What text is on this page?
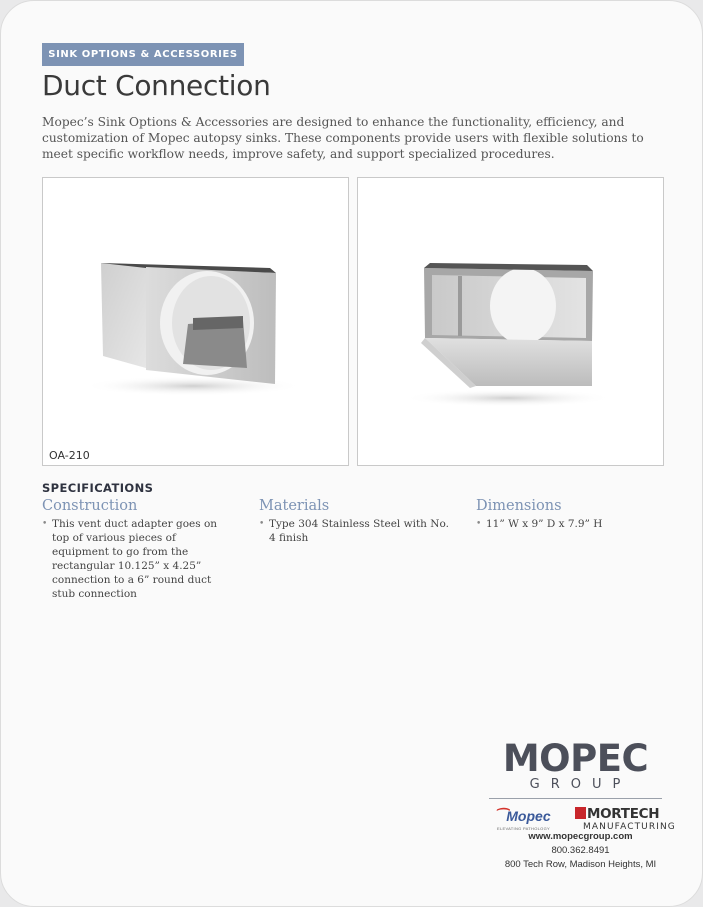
SINK OPTIONS & ACCESSORIES
Duct Connection
Mopec’s Sink Options & Accessories are designed to enhance the functionality, efficiency, and customization of Mopec autopsy sinks. These components provide users with flexible solutions to meet specific workflow needs, improve safety, and support specialized procedures.
OA-210
SPECIFICATIONS
Construction
• This vent duct adapter goes on top of various pieces of equipment to go from the rectangular 10.125” x 4.25” connection to a 6” round duct stub connection
Materials
• Type 304 Stainless Steel with No. 4 finish
Dimensions
• 11” W x 9” D x 7.9” H
MOPEC
GROUP
⁀Mopec
ELEVATING PATHOLOGY
MORTECH
MANUFACTURING
www.mopecgroup.com
800.362.8491
800 Tech Row, Madison Heights, MI
